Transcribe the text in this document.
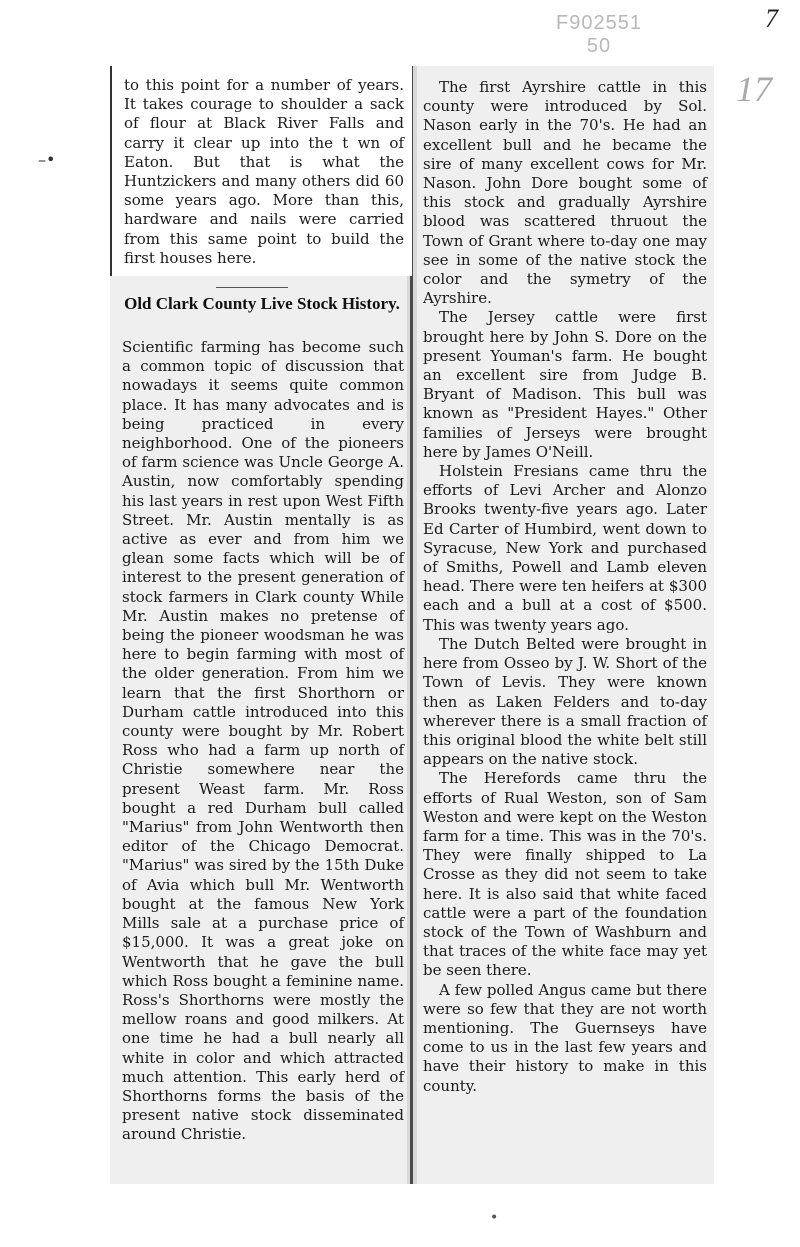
7
F902551
50
17
–•
•

to this point for a number of years. It takes courage to shoulder a sack of flour at Black River Falls and carry it clear up into the t wn of Eaton. But that is what the Huntzickers and many others did 60 some years ago. More than this, hardware and nails were carried from this same point to build the first houses here.

Old Clark County Live Stock History.

Scientific farming has become such a common topic of discussion that nowadays it seems quite common place. It has many advocates and is being practiced in every neighborhood. One of the pioneers of farm science was Uncle George A. Austin, now comfortably spending his last years in rest upon West Fifth Street. Mr. Austin mentally is as active as ever and from him we glean some facts which will be of interest to the present generation of stock farmers in Clark county While Mr. Austin makes no pretense of being the pioneer woodsman he was here to begin farming with most of the older generation. From him we learn that the first Shorthorn or Durham cattle introduced into this county were bought by Mr. Robert Ross who had a farm up north of Christie somewhere near the present Weast farm. Mr. Ross bought a red Durham bull called "Marius" from John Wentworth then editor of the Chicago Democrat. "Marius" was sired by the 15th Duke of Avia which bull Mr. Wentworth bought at the famous New York Mills sale at a purchase price of $15,000. It was a great joke on Wentworth that he gave the bull which Ross bought a feminine name. Ross's Shorthorns were mostly the mellow roans and good milkers. At one time he had a bull nearly all white in color and which attracted much attention. This early herd of Shorthorns forms the basis of the present native stock disseminated around Christie.

The first Ayrshire cattle in this county were introduced by Sol. Nason early in the 70's. He had an excellent bull and he became the sire of many excellent cows for Mr. Nason. John Dore bought some of this stock and gradually Ayrshire blood was scattered thruout the Town of Grant where to-day one may see in some of the native stock the color and the symetry of the Ayrshire.

The Jersey cattle were first brought here by John S. Dore on the present Youman's farm. He bought an excellent sire from Judge B. Bryant of Madison. This bull was known as "President Hayes." Other families of Jerseys were brought here by James O'Neill.

Holstein Fresians came thru the efforts of Levi Archer and Alonzo Brooks twenty-five years ago. Later Ed Carter of Humbird, went down to Syracuse, New York and purchased of Smiths, Powell and Lamb eleven head. There were ten heifers at $300 each and a bull at a cost of $500. This was twenty years ago.

The Dutch Belted were brought in here from Osseo by J. W. Short of the Town of Levis. They were known then as Laken Felders and to-day wherever there is a small fraction of this original blood the white belt still appears on the native stock.

The Herefords came thru the efforts of Rual Weston, son of Sam Weston and were kept on the Weston farm for a time. This was in the 70's. They were finally shipped to La Crosse as they did not seem to take here. It is also said that white faced cattle were a part of the foundation stock of the Town of Washburn and that traces of the white face may yet be seen there.

A few polled Angus came but there were so few that they are not worth mentioning. The Guernseys have come to us in the last few years and have their history to make in this county.
